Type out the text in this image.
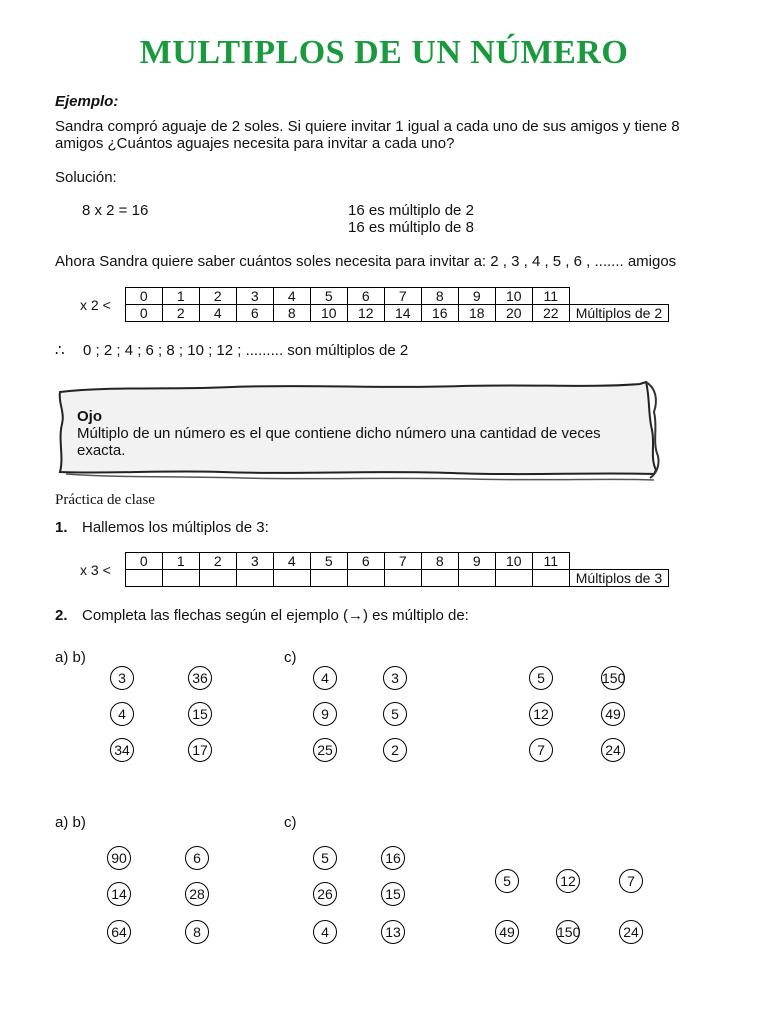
MULTIPLOS DE UN NÚMERO
Ejemplo:
Sandra compró aguaje de 2 soles. Si quiere invitar 1 igual a cada uno de sus amigos y tiene 8
amigos ¿Cuántos aguajes necesita para invitar a cada uno?
Solución:
8 x 2 = 16	16 es múltiplo de 2
16 es múltiplo de 8
Ahora Sandra quiere saber cuántos soles necesita para invitar a: 2 , 3 , 4 , 5 , 6 , ....... amigos
x 2 <	0	1	2	3	4	5	6	7	8	9	10	11	
	0	2	4	6	8	10	12	14	16	18	20	22	Múltiplos de 2
∴ 0 ; 2 ; 4 ; 6 ; 8 ; 10 ; 12 ; ......... son múltiplos de 2
Ojo
Múltiplo de un número es el que contiene dicho número una cantidad de veces
exacta.
Práctica de clase
1. Hallemos los múltiplos de 3:
x 3 <	0	1	2	3	4	5	6	7	8	9	10	11	
													Múltiplos de 3
2. Completa las flechas según el ejemplo (→) es múltiplo de:
a) b)	c)
3	36	4	3	5	150
4	15	9	5	12	49
34	17	25	2	7	24
a) b)	c)
90	6	5	16
14	28	26	15
64	8	4	13
5	12	7
49	150	24
